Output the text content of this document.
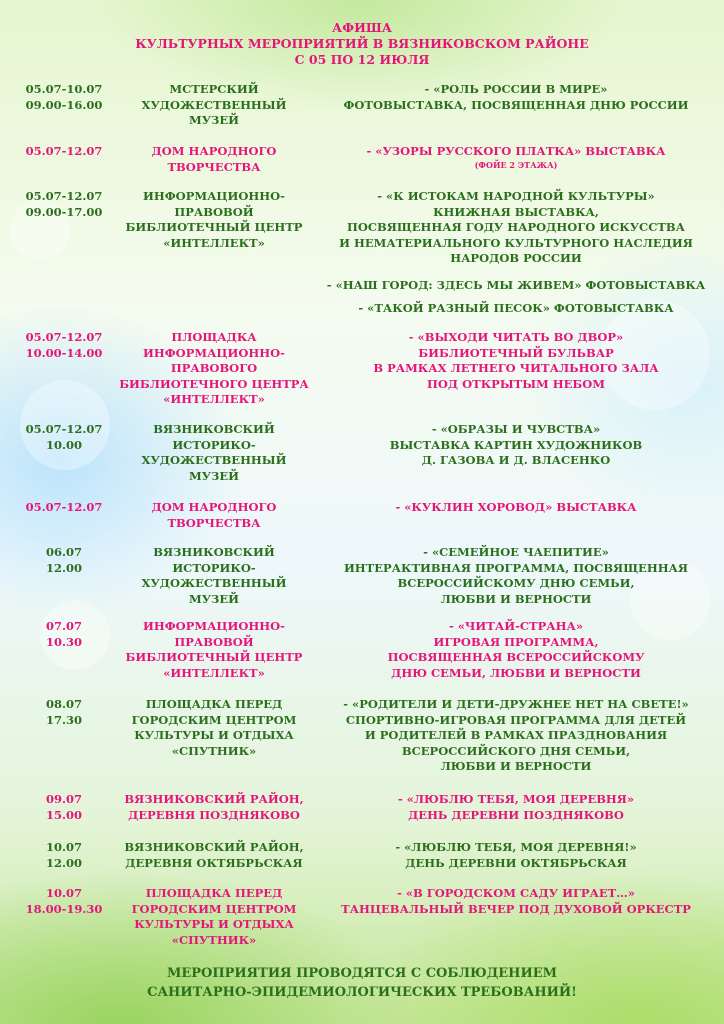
АФИША
КУЛЬТУРНЫХ МЕРОПРИЯТИЙ В ВЯЗНИКОВСКОМ РАЙОНЕ
С 05 ПО 12 ИЮЛЯ
05.07-10.07
09.00-16.00
МСТЕРСКИЙ
ХУДОЖЕСТВЕННЫЙ
МУЗЕЙ
- «РОЛЬ РОССИИ В МИРЕ»
ФОТОВЫСТАВКА, ПОСВЯЩЕННАЯ ДНЮ РОССИИ
05.07-12.07	ДОМ НАРОДНОГО
ТВОРЧЕСТВА
- «УЗОРЫ РУССКОГО ПЛАТКА» ВЫСТАВКА
(ФОЙЕ 2 ЭТАЖА)
05.07-12.07
09.00-17.00
ИНФОРМАЦИОННО-
ПРАВОВОЙ
БИБЛИОТЕЧНЫЙ ЦЕНТР
«ИНТЕЛЛЕКТ»
- «К ИСТОКАМ НАРОДНОЙ КУЛЬТУРЫ»
КНИЖНАЯ ВЫСТАВКА,
ПОСВЯЩЕННАЯ ГОДУ НАРОДНОГО ИСКУССТВА
И НЕМАТЕРИАЛЬНОГО КУЛЬТУРНОГО НАСЛЕДИЯ
НАРОДОВ РОССИИ
- «НАШ ГОРОД: ЗДЕСЬ МЫ ЖИВЕМ» ФОТОВЫСТАВКА
- «ТАКОЙ РАЗНЫЙ ПЕСОК» ФОТОВЫСТАВКА
05.07-12.07
10.00-14.00
ПЛОЩАДКА
ИНФОРМАЦИОННО-
ПРАВОВОГО
БИБЛИОТЕЧНОГО ЦЕНТРА
«ИНТЕЛЛЕКТ»
- «ВЫХОДИ ЧИТАТЬ ВО ДВОР»
БИБЛИОТЕЧНЫЙ БУЛЬВАР
В РАМКАХ ЛЕТНЕГО ЧИТАЛЬНОГО ЗАЛА
ПОД ОТКРЫТЫМ НЕБОМ
05.07-12.07
10.00
ВЯЗНИКОВСКИЙ
ИСТОРИКО-
ХУДОЖЕСТВЕННЫЙ
МУЗЕЙ
- «ОБРАЗЫ И ЧУВСТВА»
ВЫСТАВКА КАРТИН ХУДОЖНИКОВ
Д. ГАЗОВА И Д. ВЛАСЕНКО
05.07-12.07	ДОМ НАРОДНОГО
ТВОРЧЕСТВА
- «КУКЛИН ХОРОВОД» ВЫСТАВКА
06.07
12.00
ВЯЗНИКОВСКИЙ
ИСТОРИКО-
ХУДОЖЕСТВЕННЫЙ
МУЗЕЙ
- «СЕМЕЙНОЕ ЧАЕПИТИЕ»
ИНТЕРАКТИВНАЯ ПРОГРАММА, ПОСВЯЩЕННАЯ
ВСЕРОССИЙСКОМУ ДНЮ СЕМЬИ,
ЛЮБВИ И ВЕРНОСТИ
07.07
10.30
ИНФОРМАЦИОННО-
ПРАВОВОЙ
БИБЛИОТЕЧНЫЙ ЦЕНТР
«ИНТЕЛЛЕКТ»
- «ЧИТАЙ-СТРАНА»
ИГРОВАЯ ПРОГРАММА,
ПОСВЯЩЕННАЯ ВСЕРОССИЙСКОМУ
ДНЮ СЕМЬИ, ЛЮБВИ И ВЕРНОСТИ
08.07
17.30
ПЛОЩАДКА ПЕРЕД
ГОРОДСКИМ ЦЕНТРОМ
КУЛЬТУРЫ И ОТДЫХА
«СПУТНИК»
- «РОДИТЕЛИ И ДЕТИ-ДРУЖНЕЕ НЕТ НА СВЕТЕ!»
СПОРТИВНО-ИГРОВАЯ ПРОГРАММА ДЛЯ ДЕТЕЙ
И РОДИТЕЛЕЙ В РАМКАХ ПРАЗДНОВАНИЯ
ВСЕРОССИЙСКОГО ДНЯ СЕМЬИ,
ЛЮБВИ И ВЕРНОСТИ
09.07
15.00
ВЯЗНИКОВСКИЙ РАЙОН,
ДЕРЕВНЯ ПОЗДНЯКОВО
- «ЛЮБЛЮ ТЕБЯ, МОЯ ДЕРЕВНЯ»
ДЕНЬ ДЕРЕВНИ ПОЗДНЯКОВО
10.07
12.00
ВЯЗНИКОВСКИЙ РАЙОН,
ДЕРЕВНЯ ОКТЯБРЬСКАЯ
- «ЛЮБЛЮ ТЕБЯ, МОЯ ДЕРЕВНЯ!»
ДЕНЬ ДЕРЕВНИ ОКТЯБРЬСКАЯ
10.07
18.00-19.30
ПЛОЩАДКА ПЕРЕД
ГОРОДСКИМ ЦЕНТРОМ
КУЛЬТУРЫ И ОТДЫХА
«СПУТНИК»
- «В ГОРОДСКОМ САДУ ИГРАЕТ…»
ТАНЦЕВАЛЬНЫЙ ВЕЧЕР ПОД ДУХОВОЙ ОРКЕСТР
МЕРОПРИЯТИЯ ПРОВОДЯТСЯ С СОБЛЮДЕНИЕМ
САНИТАРНО-ЭПИДЕМИОЛОГИЧЕСКИХ ТРЕБОВАНИЙ!
